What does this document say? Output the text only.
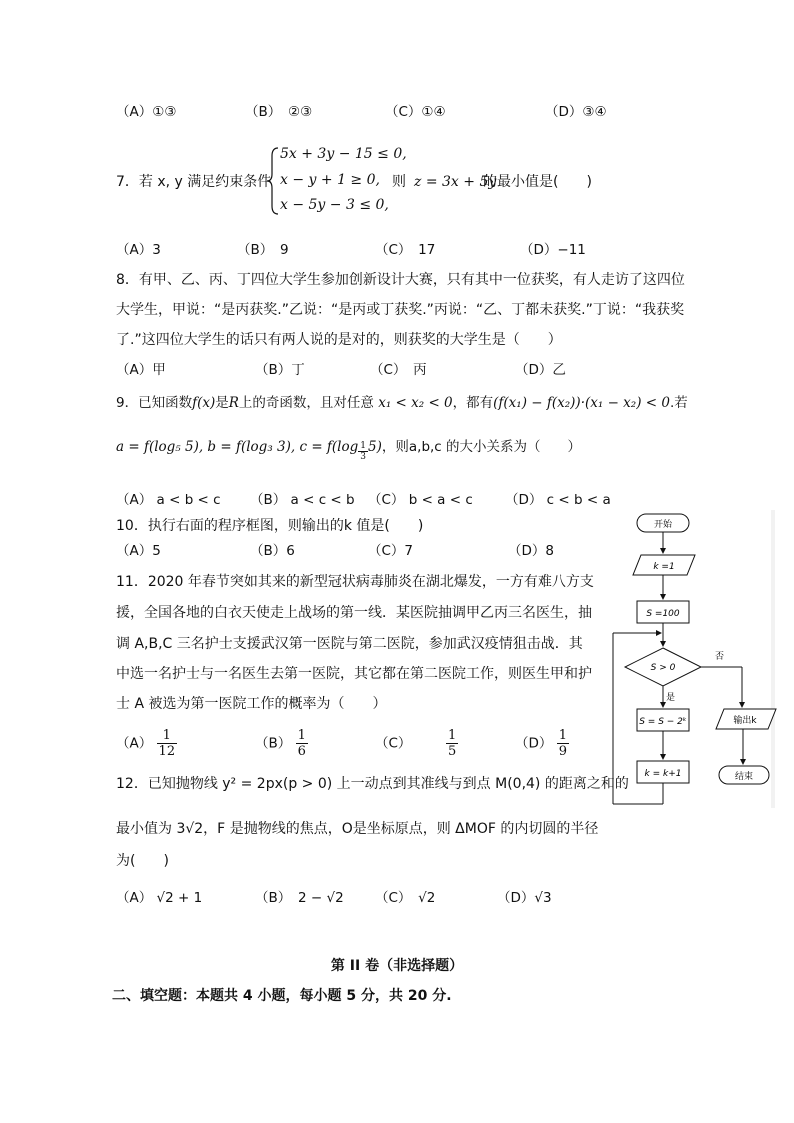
（A）①③	（B）　②③	（C）①④	（D）③④
7．若 x, y 满足约束条件
5x + 3y − 15 ≤ 0,
x − y + 1 ≥ 0,
x − 5y − 3 ≤ 0,
则 z = 3x + 5y
的最小值是(　　)
（A）3	（B）　9	（C）　17	（D）−11
8．有甲、乙、丙、丁四位大学生参加创新设计大赛，只有其中一位获奖，有人走访了这四位
大学生，甲说：“是丙获奖.”乙说：“是丙或丁获奖.”丙说：“乙、丁都未获奖.”丁说：“我获奖
了.”这四位大学生的话只有两人说的是对的，则获奖的大学生是（　　）
（A）甲	（B）丁	（C）　丙	（D）乙
9．已知函数f(x)是R上的奇函数，且对任意 x₁ < x₂ < 0，都有(f(x₁) − f(x₂))·(x₁ − x₂) < 0.若
a = f(log₅ 5), b = f(log₃ 3), $c = f(\log \frac{1}{3} 5)$，则a,b,c 的大小关系为（　　）
（A） a < b < c （B） a < c < b （C） b < a < c （D） c < b < a
10．执行右面的程序框图，则输出的k 值是(　　)
（A）5	（B）6	（C）7	（D）8
开始
k =1
S =100
S > 0
否
是
S = S − 2ᵏ	输出k
k = k+1	结束
11．2020 年春节突如其来的新型冠状病毒肺炎在湖北爆发，一方有难八方支
援，全国各地的白衣天使走上战场的第一线．某医院抽调甲乙丙三名医生，抽
调 A,B,C 三名护士支援武汉第一医院与第二医院，参加武汉疫情狙击战．其
中选一名护士与一名医生去第一医院，其它都在第二医院工作，则医生甲和护
士 A 被选为第一医院工作的概率为（　　）
$(A) \frac{1}{12}$	$(B) \frac{1}{6}$	（C）	$\frac{1}{5}$	$(D) \frac{1}{9}$
12．已知抛物线 y² = 2px(p > 0) 上一动点到其准线与到点 M(0,4) 的距离之和的
最小值为 3√2，F 是抛物线的焦点，O是坐标原点，则 ΔMOF 的内切圆的半径
为(　　)
（A） √2 + 1	（B）　2 − √2 （C）　√2	（D）√3
第 II 卷（非选择题）
二、填空题：本题共 4 小题，每小题 5 分，共 20 分.
